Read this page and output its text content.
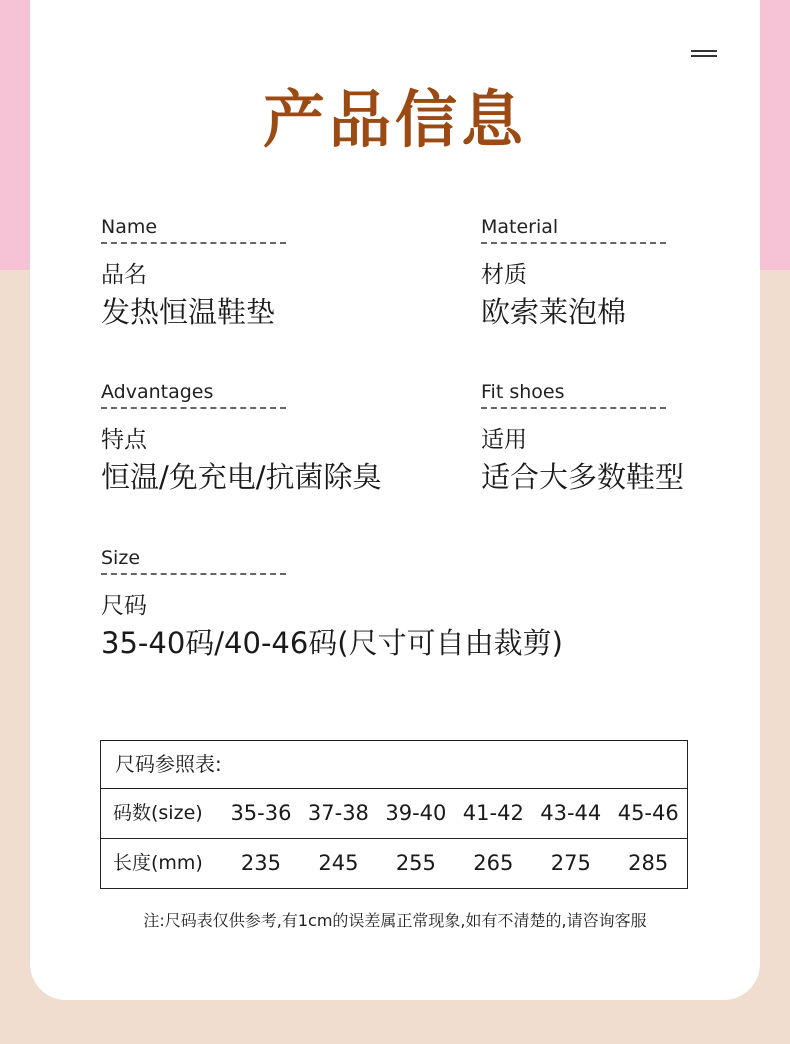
产品信息
Name
品名
发热恒温鞋垫
Material
材质
欧索莱泡棉
Advantages
特点
恒温/免充电/抗菌除臭
Fit shoes
适用
适合大多数鞋型
Size
尺码
35-40码/40-46码(尺寸可自由裁剪)
尺码参照表:
码数(size)	35-36 37-38 39-40 41-42 43-44 45-46
长度(mm)	235	245	255	265	275	285
注:尺码表仅供参考,有1cm的误差属正常现象,如有不清楚的,请咨询客服
